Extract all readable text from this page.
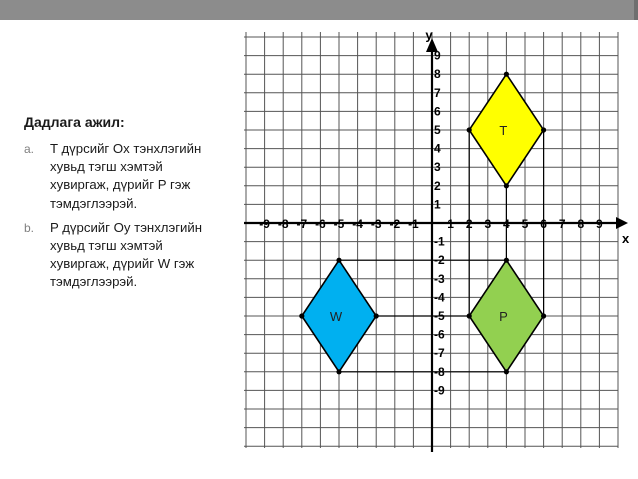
Дадлага ажил:
a. T дүрсийг Ox тэнхлэгийн
хувьд тэгш хэмтэй
хувиргаж, дүрийг P гэж
тэмдэглээрэй.
b. P дүрсийг Oy тэнхлэгийн
хувьд тэгш хэмтэй
хувиргаж, дүрийг W гэж
тэмдэглээрэй.
T
P
W
-9 -8 -7 -6 -5 -4 -3 -2 -1 1 2 3 4 5 6 7 8 9
9
8
7
6
5
4
3
2
1
-1
-2
-3
-4
-5
-6
-7
-8
-9
x
y
